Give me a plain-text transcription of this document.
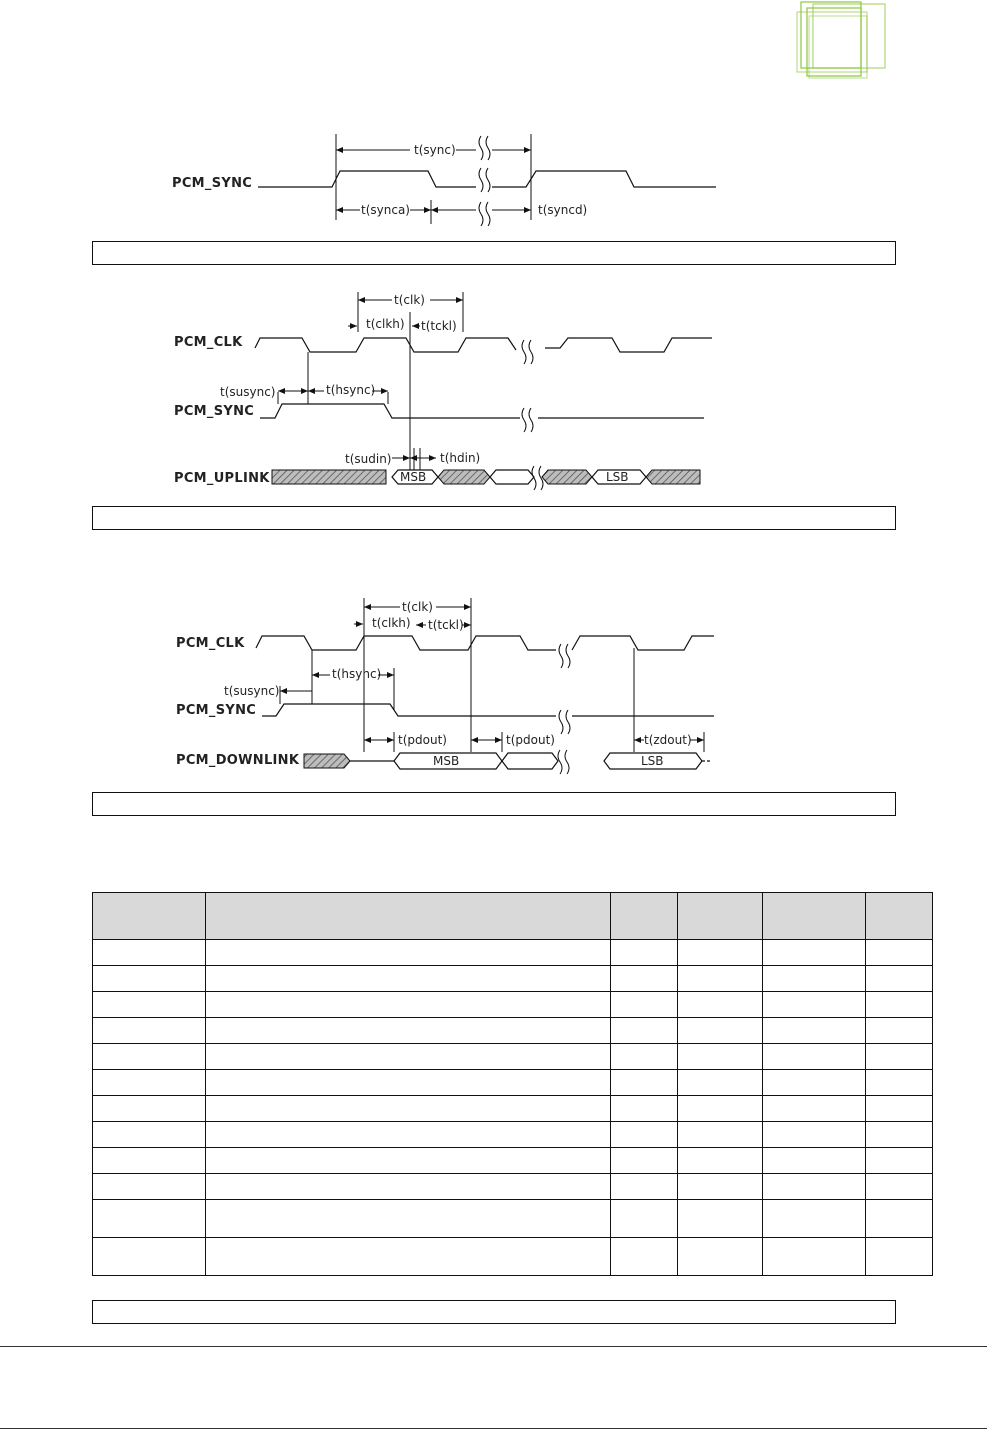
PCM_SYNC
t(sync)
t(synca)	t(syncd)
PCM_CLK
PCM_SYNC
PCM_UPLINK	MSB	LSB
t(clk)
t(clkh) t(tckl)
t(susync)	t(hsync)
t(sudin)	t(hdin)
PCM_CLK
PCM_SYNC
PCM_DOWNLINK	MSB	LSB
t(clk)
t(clkh) t(tckl)
t(hsync)
t(susync)
t(pdout)	t(pdout)	t(zdout)
